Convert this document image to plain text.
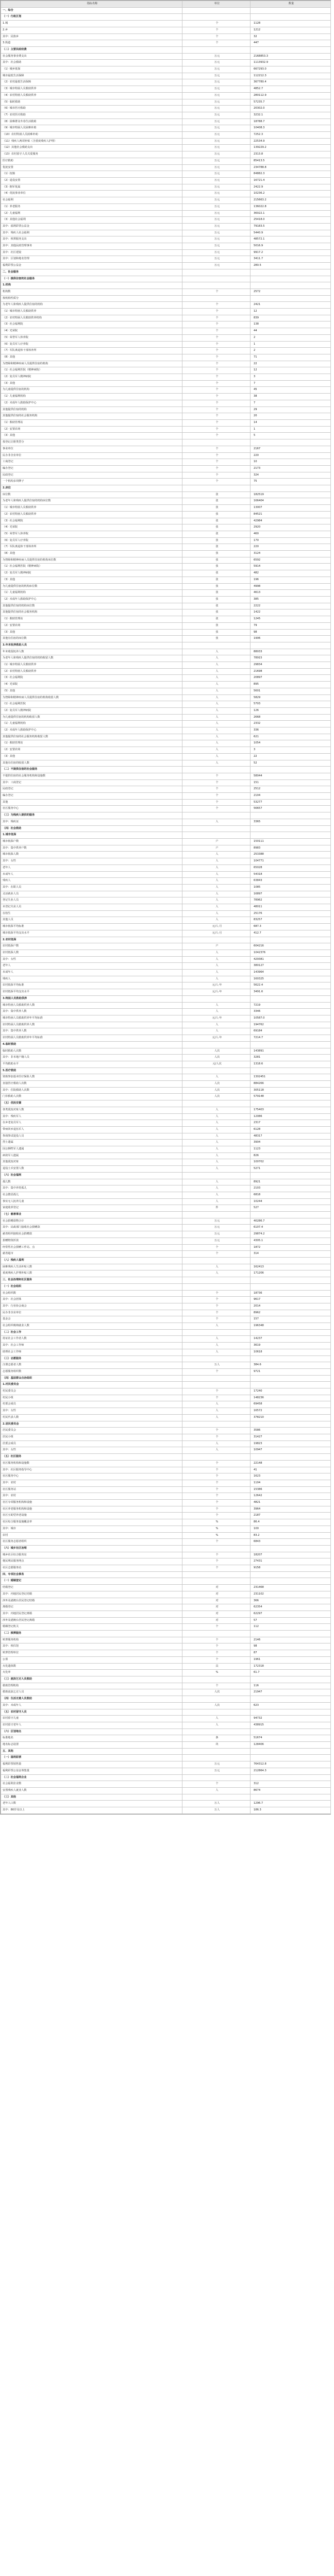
指标名称	单位	数量
一、综合		
（一）行政区划		
1.城	个	1128
2.乡	个	1212
其中：民族乡	个	32
3.街道	个	447
（二）主要民政经费		
社会服务事业费支出	万元	2168853.3
其中：社会救助	万元	1113932.9
（1）城乡低保	万元	667293.0
城市最低生活保障	万元	112212.3
（2）农村最低生活保障	万元	367780.4
（3）城市特困人员救助供养	万元	4852.7
（4）农村特困人员救助供养	万元	280112.9
（5）临时救助	万元	57235.7
（6）城市医疗救助	万元	20302.0
（7）农村医疗救助	万元	3232.1
（8）困难群众冬春生活救助	万元	18788.7
（9）城市特困人员困难补助	万元	10408.3
（10）农村特困人员困难补助	万元	7252.3
（11）残疾人两项补贴（含重度残疾人护理）	万元	22534.9
（12）其他社会救助支出	万元	139229.2
（13）农村留守人员关爱服务	万元	2313.8
医疗救助	万元	85413.5
优抚安置	万元	234788.8
（1）抚恤	万元	84882.3
（2）退役安置	万元	16721.4
（3）拥军优属	万元	2422.9
（4）优抚事业单位	万元	10236.2
社会福利	万元	215663.2
（1）养老服务	万元	136022.8
（2）儿童福利	万元	36022.1
（3）其他社会福利	万元	25418.0
其中：福利彩票公益金	万元	79183.5
其中：残疾人社会福利	万元	5440.9
其中：殡葬服务支出	万元	48572.1
其中：其他民政管理事务	万元	5016.9
其中：社区建设	万元	9917.2
其中：区划和地名管理	万元	3411.7
福利彩票公益金	万元	280.5
二、社会服务		
（一）提供住宿的社会服务		
1.机构		
机构数	个	2572
按机构性质分		
为老年人和残疾人提供住宿的机构	个	2421
（1）城市特困人员救助供养	个	12
（2）农村特困人员救助供养机构	个	839
（3）社会福利院	个	138
（4）光荣院	个	44
（5）荣誉军人休养院	个	2
（6）复员军人疗养院	个	1
（7）军队离退休干部休养所	个	2
（8）其他	个	71
为智障和精神疾病人员提供住宿的机构	个	22
（1）社会福利医院（精神病院）	个	12
（2）复员军人精神病院	个	3
（3）其他	个	7
为儿童提供住宿的机构	个	45
（1）儿童福利机构	个	38
（2）未成年人救助保护中心	个	7
其他提供住宿的机构	个	29
其他提供住宿的社会服务机构	个	20
（1）救助管理站	个	14
（2）安置农场	个	1
（3）其他	个	5
按登记注册类型分		
事业单位	个	2167
民办非企业单位	个	220
工商登记	个	10
编办登记	个	2173
民政登记	个	324
一个机构多块牌子	个	75
2.床位		
床位数	张	182519
为老年人和残疾人提供住宿的机构床位数	张	166404
（1）城市特困人员救助供养	张	13007
（2）农村特困人员救助供养	张	84521
（3）社会福利院	张	42984
（4）光荣院	张	2920
（5）荣誉军人休养院	张	460
（6）复员军人疗养院	张	170
（7）军队离退休干部休养所	张	220
（8）其他	张	3124
为智障和精神疾病人员提供住宿的机构床位数	张	6592
（1）社会福利医院（精神病院）	张	5914
（2）复员军人精神病院	张	482
（3）其他	张	196
为儿童提供住宿的机构床位数	张	4998
（1）儿童福利机构	张	4613
（2）未成年人救助保护中心	张	385
其他提供住宿的机构床位数	张	2222
其他提供住宿的社会服务机构	张	1422
（1）救助管理站	张	1245
（2）安置农场	张	79
（3）其他	张	98
其他有住宿的床位数	张	1906
3.年末收养救助人员		
年末收留抚养人数	人	88033
为老年人和残疾人提供住宿的机构收留人数	人	78915
（1）城市特困人员救助供养	人	29834
（2）农村特困人员救助供养	人	21698
（3）社会福利院	人	20897
（4）光荣院	人	895
（5）其他	人	5601
为智障和精神疾病人员提供住宿的机构收留人数	人	5829
（1）社会福利医院	人	5703
（2）复员军人精神病院	人	126
为儿童提供住宿的机构收留人数	人	2668
（1）儿童福利机构	人	2332
（2）未成年人救助保护中心	人	336
其他提供住宿的社会服务机构收留人数	人	621
（1）救助管理站	人	1054
（2）安置农场	人	3
（3）其他	人	22
其他有住宿的收留人数	人	52
（二）不提供住宿的社会服务		
不提供住宿的社会服务机构和设施数	个	58044
其中：工商登记	个	151
民政登记	个	2512
编办登记	个	2104
其他	个	53277
社区服务中心	个	56657
（三）为残疾人提供的服务		
其中：残疾证	人	3365
（四）社会救助		
1.城市低保		
城市低保户数	户	150111
其中：集中供养户数	户	8983
城市低保人数	人	253388
其中：女性	人	104771
老年人	人	65028
未成年人	人	54318
残疾人	人	63843
其中：在职人员	人	1085
灵活就业人员	人	16897
登记失业人员	人	78962
未登记失业人员	人	48011
在校生	人	25176
其他人员	人	83257
城市低保平均标准	元/人·月	687.3
城市低保平均支出水平	元/人·月	412.7
2.农村低保		
农村低保户数	户	604216
农村低保人数	人	1042376
其中：女性	人	429381
老年人	人	380127
未成年人	人	143964
残疾人	人	160325
农村低保平均标准	元/人·年	5622.4
农村低保平均支出水平	元/人·年	3491.6
3.特困人员救助供养		
城市特困人员救助供养人数	人	7219
其中：集中供养人数	人	3346
城市特困人员救助供养年平均标准	元/人·年	10587.0
农村特困人员救助供养人数	人	194762
其中：集中供养人数	人	69184
农村特困人员救助供养年平均标准	元/人·年	7214.7
4.临时救助		
临时救助人次数	人次	143891
其中：非本地户籍人员	人次	3281
平均救助水平	元/人次	1318.6
5.医疗救助		
资助参加基本医疗保险人数	人	1302451
直接医疗救助人次数	人次	884266
其中：住院救助人次数	人次	305118
门诊救助人次数	人次	579148
（五）优抚安置		
各类优抚对象人数	人	175403
其中：残疾军人	人	12086
在乡老复员军人	人	2317
带病回乡退伍军人	人	6128
参战参试退役人员	人	48317
烈士遗属	人	3904
因公牺牲军人遗属	人	1123
病故军人遗属	人	826
其他优抚对象	人	100702
退役士兵安置人数	人	5271
（六）社会福利		
孤儿数	人	8921
其中：集中养育孤儿	人	2103
社会散居孤儿	人	6818
事实无人抚养儿童	人	10244
家庭收养登记	件	527
（七）慈善事业		
社会捐赠款物合计	万元	40286.7
其中：民政部门接收社会捐赠款	万元	6107.4
慈善组织接收社会捐赠款	万元	29874.2
捐赠物资折款	万元	4305.1
经常性社会捐赠工作站、点	个	1872
慈善超市	个	314
（八）残疾人福利		
困难残疾人生活补贴人数	人	162413
重度残疾人护理补贴人数	人	171206
三、社会治理和社区服务		
（一）社会组织		
社会组织数	个	18736
其中：社会团体	个	9617
其中：行业协会商会	个	2014
民办非企业单位	个	8962
基金会	个	157
社会组织吸纳就业人数	人	196348
（二）社会工作		
持证社会工作者人数	人	14237
其中：社会工作师	人	3619
助理社会工作师	人	10618
（三）志愿服务		
注册志愿者人数	万人	384.6
志愿服务组织数	个	9721
（四）基层群众自治组织		
1.村民委员会		
村民委员会	个	17240
村民小组	个	148236
村委会成员	人	69458
其中：女性	人	16572
村民代表人数	人	378210
2.居民委员会		
居民委员会	个	3586
居民小组	个	31427
居委会成员	人	19823
其中：女性	人	10947
（五）社区服务		
社区服务机构和设施数	个	22148
其中：社区服务指导中心	个	41
社区服务中心	个	1623
其中：农村	个	1104
社区服务站	个	15386
其中：农村	个	12642
社区专项服务机构和设施	个	4821
社区养老服务机构和设施	个	3964
社区互助型养老设施	个	2187
社区综合服务设施覆盖率	%	86.4
其中：城市	%	100
农村	%	83.2
社区服务志愿者组织	个	6843
（六）城乡社区治理		
城乡社区综合服务站	个	18207
便民利民服务网点	个	27431
社区志愿服务站	个	9158
四、专项社会事务		
（一）婚姻登记		
结婚登记	对	231468
其中：内地居民登记结婚	对	231102
涉外及港澳台居民登记结婚	对	366
离婚登记	对	62354
其中：内地居民登记离婚	对	62297
涉外及港澳台居民登记离婚	对	57
婚姻登记机关	个	112
（二）殡葬服务		
殡葬服务机构	个	2146
其中：殡仪馆	个	98
殡葬管理单位	个	87
公墓	个	1961
火化遗体数	具	172318
火化率	%	61.7
（三）流浪乞讨人员救助		
救助管理机构	个	116
救助流浪乞讨人员	人次	21947
（四）生活无着人员救助		
其中：未成年人	人次	623
（五）农村留守人员		
农村留守儿童	人	94732
农村留守老年人	人	438915
（六）区划地名		
标准地名	条	51674
地名标志设置	块	128406
五、其他		
（一）福利彩票		
福利彩票销售量	万元	764312.8
福利彩票公益金筹集量	万元	212864.3
（二）社会福利企业		
社会福利企业数	个	312
安置残疾人就业人数	人	8674
（三）其他		
老年人口数	万人	1296.7
其中：80岁及以上	万人	186.3
